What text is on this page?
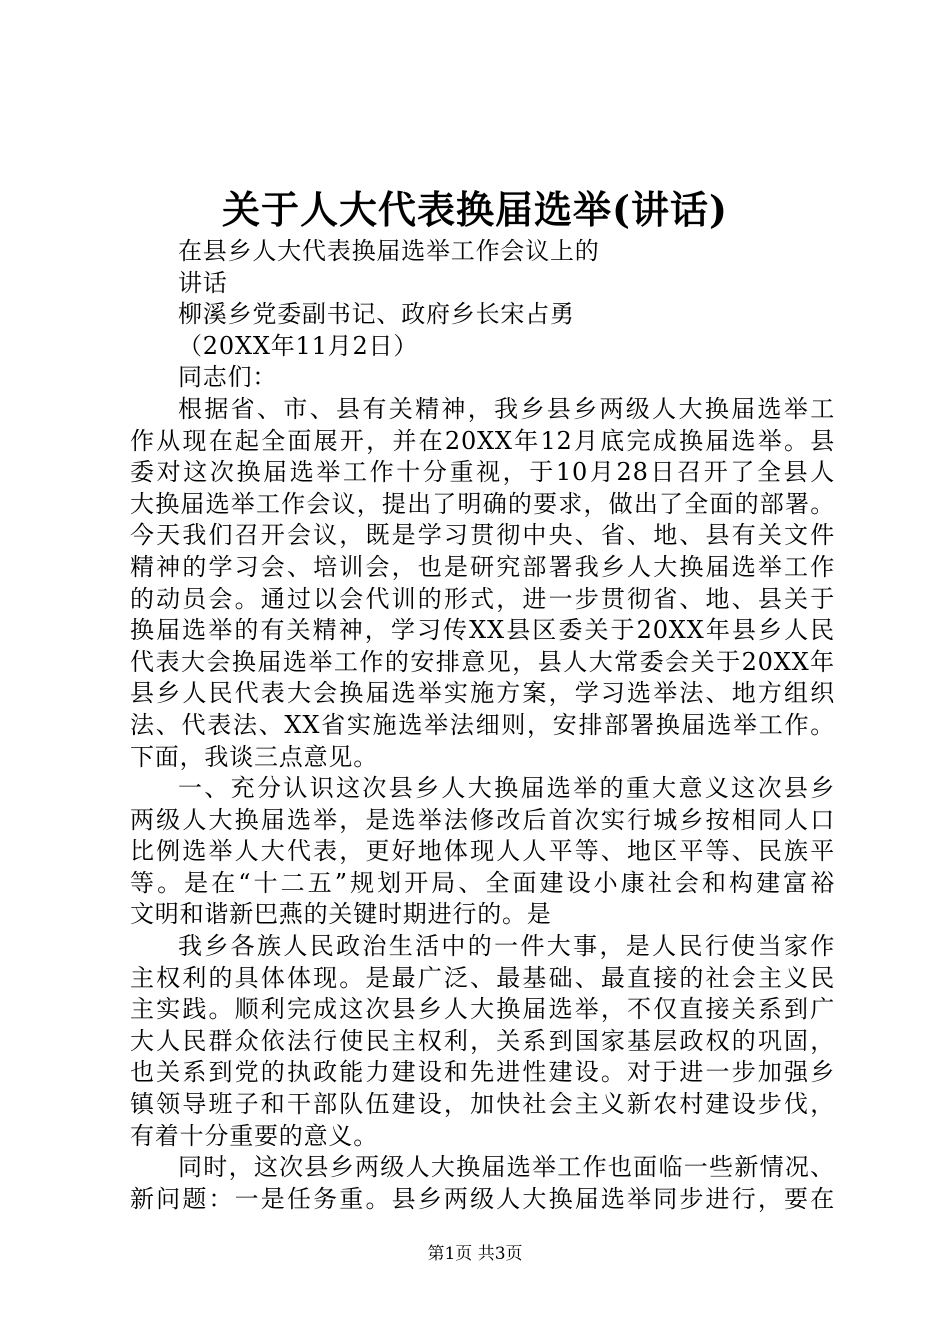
关于人大代表换届选举(讲话)
在县乡人大代表换届选举工作会议上的
讲话
柳溪乡党委副书记、政府乡长宋占勇
（20XX年11月2日）
同志们：
根据省、市、县有关精神，我乡县乡两级人大换届选举工
作从现在起全面展开，并在20XX年12月底完成换届选举。县
委对这次换届选举工作十分重视，于10月28日召开了全县人
大换届选举工作会议，提出了明确的要求，做出了全面的部署。
今天我们召开会议，既是学习贯彻中央、省、地、县有关文件
精神的学习会、培训会，也是研究部署我乡人大换届选举工作
的动员会。通过以会代训的形式，进一步贯彻省、地、县关于
换届选举的有关精神，学习传XX县区委关于20XX年县乡人民
代表大会换届选举工作的安排意见，县人大常委会关于20XX年
县乡人民代表大会换届选举实施方案，学习选举法、地方组织
法、代表法、XX省实施选举法细则，安排部署换届选举工作。
下面，我谈三点意见。
一、充分认识这次县乡人大换届选举的重大意义这次县乡
两级人大换届选举，是选举法修改后首次实行城乡按相同人口
比例选举人大代表，更好地体现人人平等、地区平等、民族平
等。是在“十二五”规划开局、全面建设小康社会和构建富裕
文明和谐新巴燕的关键时期进行的。是
我乡各族人民政治生活中的一件大事，是人民行使当家作
主权利的具体体现。是最广泛、最基础、最直接的社会主义民
主实践。顺利完成这次县乡人大换届选举，不仅直接关系到广
大人民群众依法行使民主权利，关系到国家基层政权的巩固，
也关系到党的执政能力建设和先进性建设。对于进一步加强乡
镇领导班子和干部队伍建设，加快社会主义新农村建设步伐，
有着十分重要的意义。
同时，这次县乡两级人大换届选举工作也面临一些新情况、
新问题：一是任务重。县乡两级人大换届选举同步进行，要在
第1页 共3页
